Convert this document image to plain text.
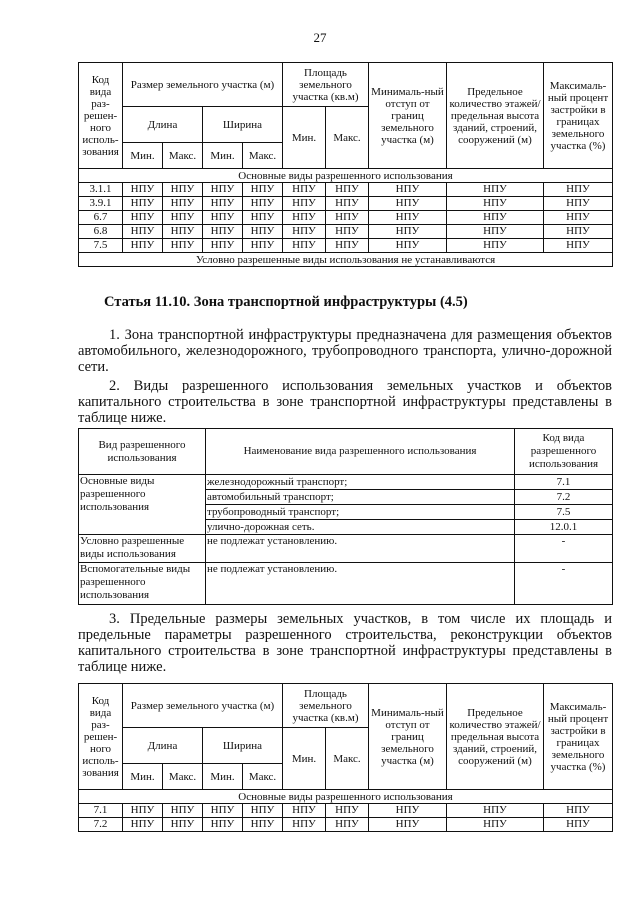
27
Код вида раз-решен-ного исполь-зования	Размер земельного участка (м)				Площадь земельного участка (кв.м)		Минималь-ный отступ от границ земельного участка (м)	Предельное количество этажей/ предельная высота зданий, строений, сооружений (м)	Максималь-ный процент застройки в границах земельного участка (%)

	Длина		Ширина		Мин.	Макс.			
	Мин.	Макс.	Мин.	Макс.					
Основные виды разрешенного использования									
3.1.1	НПУ	НПУ	НПУ	НПУ	НПУ	НПУ	НПУ	НПУ	НПУ
3.9.1	НПУ	НПУ	НПУ	НПУ	НПУ	НПУ	НПУ	НПУ	НПУ
6.7	НПУ	НПУ	НПУ	НПУ	НПУ	НПУ	НПУ	НПУ	НПУ
6.8	НПУ	НПУ	НПУ	НПУ	НПУ	НПУ	НПУ	НПУ	НПУ
7.5	НПУ	НПУ	НПУ	НПУ	НПУ	НПУ	НПУ	НПУ	НПУ
Условно разрешенные виды использования не устанавливаются									
Статья 11.10. Зона транспортной инфраструктуры (4.5)

1. Зона транспортной инфраструктуры предназначена для размещения объектов автомобильного, железнодорожного, трубопроводного транспорта, улично-дорожной сети.

2. Виды разрешенного использования земельных участков и объектов капитального строительства в зоне транспортной инфраструктуры представлены в таблице ниже.

Вид разрешенного использования	Наименование вида разрешенного использования	Код вида разрешенного использования
Основные виды разрешенного использования	железнодорожный транспорт;	7.1
	автомобильный транспорт;	7.2
	трубопроводный транспорт;	7.5
	улично-дорожная сеть.	12.0.1
Условно разрешенные виды использования	не подлежат установлению.	-
Вспомогательные виды разрешенного использования	не подлежат установлению.	-

3. Предельные размеры земельных участков, в том числе их площадь и предельные параметры разрешенного строительства, реконструкции объектов капитального строительства в зоне транспортной инфраструктуры представлены в таблице ниже.

Код вида раз-решен-ного исполь-зования	Размер земельного участка (м)				Площадь земельного участка (кв.м)		Минималь-ный отступ от границ земельного участка (м)	Предельное количество этажей/ предельная высота зданий, строений, сооружений (м)	Максималь-ный процент застройки в границах земельного участка (%)

	Длина		Ширина		Мин.	Макс.			
	Мин.	Макс.	Мин.	Макс.					
Основные виды разрешенного использования									
7.1	НПУ	НПУ	НПУ	НПУ	НПУ	НПУ	НПУ	НПУ	НПУ
7.2	НПУ	НПУ	НПУ	НПУ	НПУ	НПУ	НПУ	НПУ	НПУ
